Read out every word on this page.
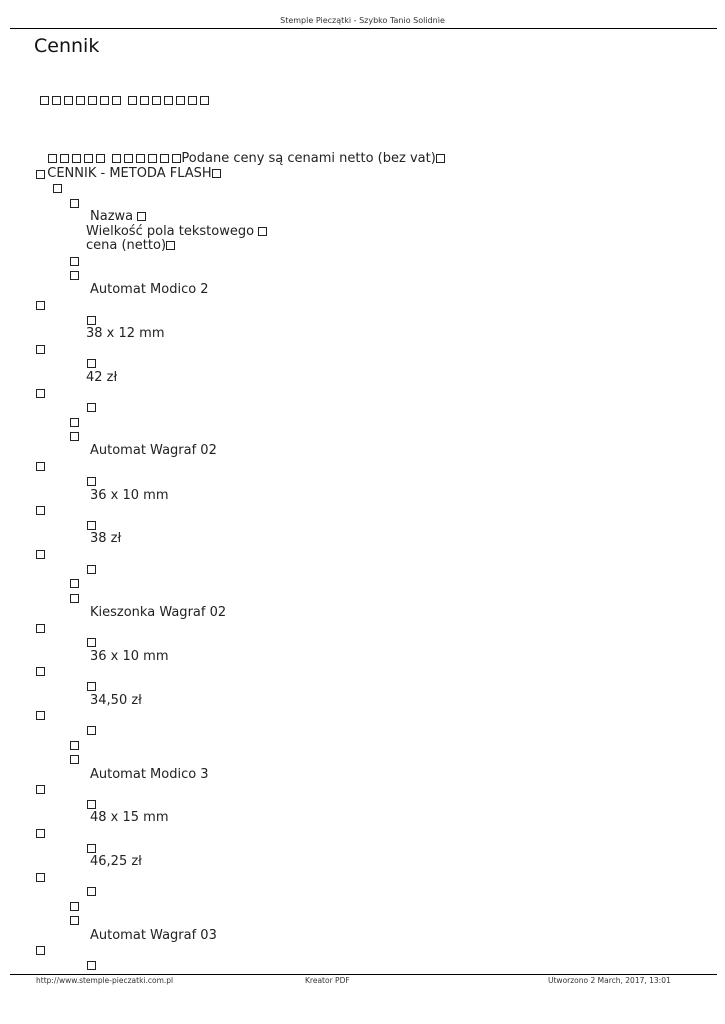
Stemple Pieczątki - Szybko Tanio Solidnie
Cennik

Podane ceny są cenami netto (bez vat)

CENNIK - METODA FLASH

Nazwa
Wielkość pola tekstowego
cena (netto)
Automat Modico 2
38 x 12 mm
42 zł
Automat Wagraf 02
36 x 10 mm
38 zł
Kieszonka Wagraf 02
36 x 10 mm
34,50 zł
Automat Modico 3
48 x 15 mm
46,25 zł
Automat Wagraf 03
http://www.stemple-pieczatki.com.pl	Kreator PDF	Utworzono 2 March, 2017, 13:01
